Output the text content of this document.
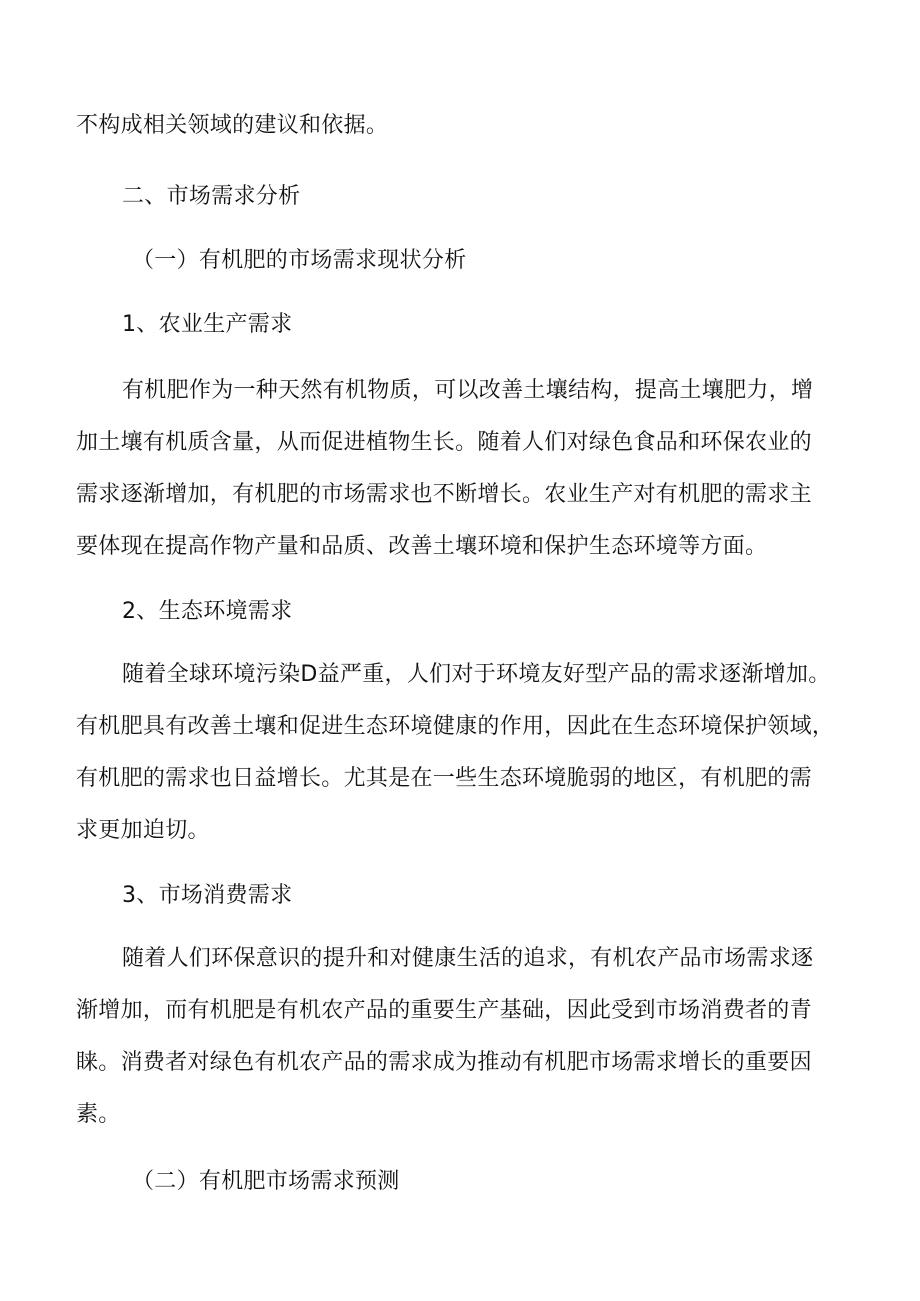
不构成相关领域的建议和依据。
二、市场需求分析
（一）有机肥的市场需求现状分析
1、农业生产需求
有机肥作为一种天然有机物质，可以改善土壤结构，提高土壤肥力，增
加土壤有机质含量，从而促进植物生长。随着人们对绿色食品和环保农业的
需求逐渐增加，有机肥的市场需求也不断增长。农业生产对有机肥的需求主
要体现在提高作物产量和品质、改善土壤环境和保护生态环境等方面。
2、生态环境需求
随着全球环境污染D益严重，人们对于环境友好型产品的需求逐渐增加。
有机肥具有改善土壤和促进生态环境健康的作用，因此在生态环境保护领域，
有机肥的需求也日益增长。尤其是在一些生态环境脆弱的地区，有机肥的需
求更加迫切。
3、市场消费需求
随着人们环保意识的提升和对健康生活的追求，有机农产品市场需求逐
渐增加，而有机肥是有机农产品的重要生产基础，因此受到市场消费者的青
睐。消费者对绿色有机农产品的需求成为推动有机肥市场需求增长的重要因
素。
（二）有机肥市场需求预测
